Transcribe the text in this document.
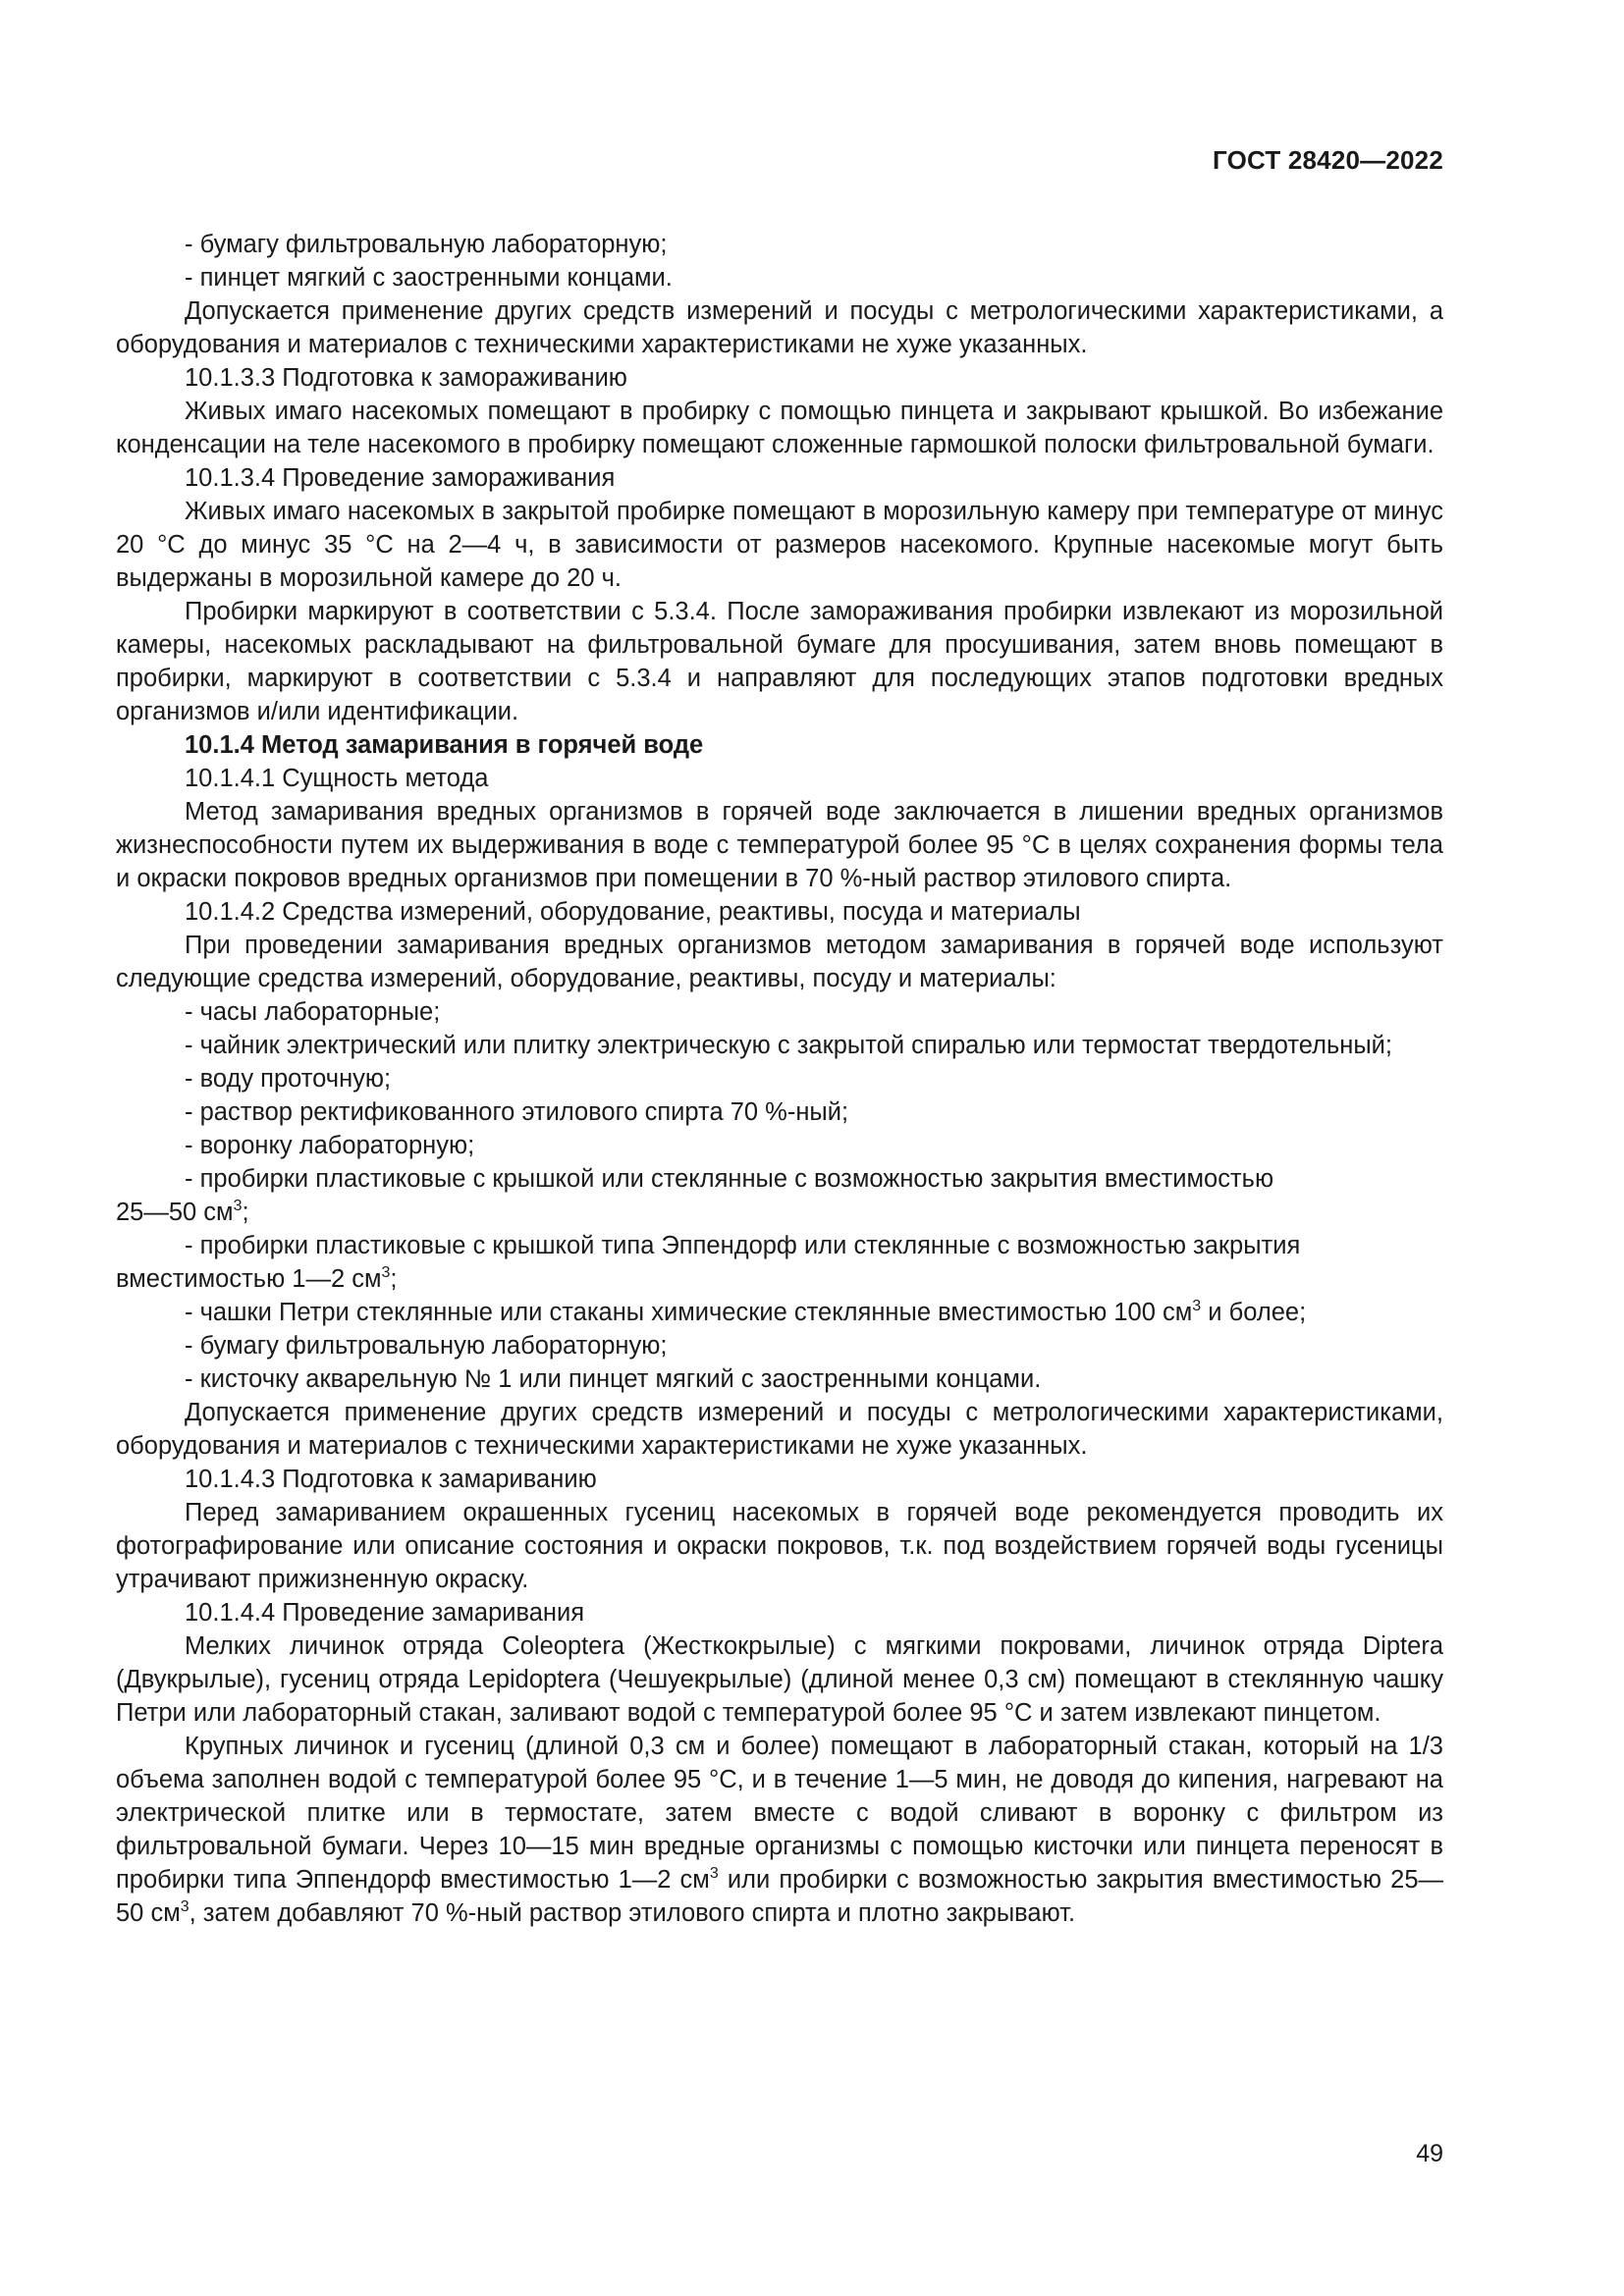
ГОСТ 28420—2022

- бумагу фильтровальную лабораторную;

- пинцет мягкий с заостренными концами.

Допускается применение других средств измерений и посуды с метрологическими характеристиками, а оборудования и материалов с техническими характеристиками не хуже указанных.

10.1.3.3 Подготовка к замораживанию

Живых имаго насекомых помещают в пробирку с помощью пинцета и закрывают крышкой. Во избежание конденсации на теле насекомого в пробирку помещают сложенные гармошкой полоски фильтровальной бумаги.

10.1.3.4 Проведение замораживания

Живых имаго насекомых в закрытой пробирке помещают в морозильную камеру при температуре от минус 20 °С до минус 35 °С на 2—4 ч, в зависимости от размеров насекомого. Крупные насекомые могут быть выдержаны в морозильной камере до 20 ч.

Пробирки маркируют в соответствии с 5.3.4. После замораживания пробирки извлекают из морозильной камеры, насекомых раскладывают на фильтровальной бумаге для просушивания, затем вновь помещают в пробирки, маркируют в соответствии с 5.3.4 и направляют для последующих этапов подготовки вредных организмов и/или идентификации.

10.1.4 Метод замаривания в горячей воде

10.1.4.1 Сущность метода

Метод замаривания вредных организмов в горячей воде заключается в лишении вредных организмов жизнеспособности путем их выдерживания в воде с температурой более 95 °С в целях сохранения формы тела и окраски покровов вредных организмов при помещении в 70 %-ный раствор этилового спирта.

10.1.4.2 Средства измерений, оборудование, реактивы, посуда и материалы

При проведении замаривания вредных организмов методом замаривания в горячей воде используют следующие средства измерений, оборудование, реактивы, посуду и материалы:

- часы лабораторные;

- чайник электрический или плитку электрическую с закрытой спиралью или термостат твердотельный;

- воду проточную;

- раствор ректификованного этилового спирта 70 %-ный;

- воронку лабораторную;

- пробирки пластиковые с крышкой или стеклянные с возможностью закрытия вместимостью

25—50 $см^3$;

- пробирки пластиковые с крышкой типа Эппендорф или стеклянные с возможностью закрытия

вместимостью 1—2 $см^3$;

- чашки Петри стеклянные или стаканы химические стеклянные вместимостью 100 $см^3$ и более;

- бумагу фильтровальную лабораторную;

- кисточку акварельную № 1 или пинцет мягкий с заостренными концами.

Допускается применение других средств измерений и посуды с метрологическими характеристиками, оборудования и материалов с техническими характеристиками не хуже указанных.

10.1.4.3 Подготовка к замариванию

Перед замариванием окрашенных гусениц насекомых в горячей воде рекомендуется проводить их фотографирование или описание состояния и окраски покровов, т.к. под воздействием горячей воды гусеницы утрачивают прижизненную окраску.

10.1.4.4 Проведение замаривания

Мелких личинок отряда Coleoptera (Жесткокрылые) с мягкими покровами, личинок отряда Diptera (Двукрылые), гусениц отряда Lepidoptera (Чешуекрылые) (длиной менее 0,3 см) помещают в стеклянную чашку Петри или лабораторный стакан, заливают водой с температурой более 95 °С и затем извлекают пинцетом.

Крупных личинок и гусениц (длиной 0,3 см и более) помещают в лабораторный стакан, который на 1/3 объема заполнен водой с температурой более 95 °С, и в течение 1—5 мин, не доводя до кипения, нагревают на электрической плитке или в термостате, затем вместе с водой сливают в воронку с фильтром из фильтровальной бумаги. Через 10—15 мин вредные организмы с помощью кисточки или пинцета переносят в пробирки типа Эппендорф вместимостью 1—2 $см^3$ или пробирки с возможностью закрытия вместимостью 25—50 $см^3$, затем добавляют 70 %-ный раствор этилового спирта и плотно закрывают.

49
